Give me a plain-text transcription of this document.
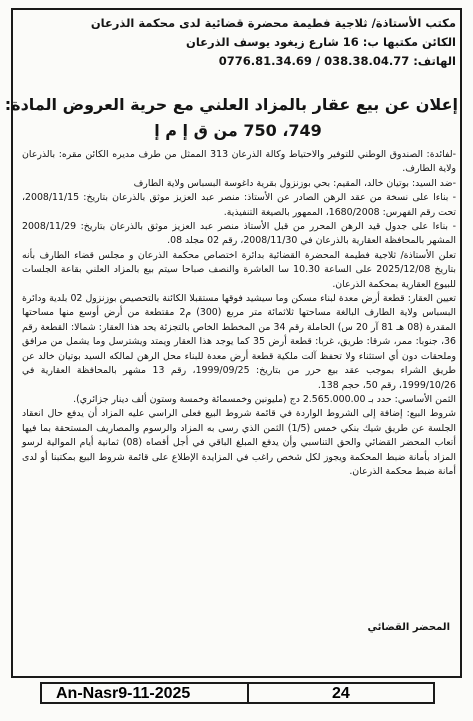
مكتب الأستاذة/ ثلاجية فطيمة محضرة قضائية لدى محكمة الذرعان
الكائن مكتبها ب: 16 شارع زيغود يوسف الذرعان
الهاتف: 038.38.04.77 / 0776.81.34.69
إعلان عن بيع عقار بالمزاد العلني مع حرية العروض المادة:
749، 750 من ق إ م إ

-لفائدة: الصندوق الوطني للتوفير والاحتياط وكالة الذرعان 313 الممثل من طرف مديره الكائن مقره: بالذرعان ولاية الطارف.

-ضد السيد: بوتيان خالد، المقيم: بحي بوزنزول بقرية داغوسة البسباس ولاية الطارف

- بناءا على نسخة من عقد الرهن الصادر عن الأستاذ: منصر عبد العزيز موثق بالذرعان بتاريخ: 2008/11/15، تحت رقم الفهرس: 1680/2008، الممهور بالصيغة التنفيذية.

- بناءا على جدول قيد الرهن المحرر من قبل الأستاذ منصر عبد العزيز موثق بالذرعان بتاريخ: 2008/11/29 المشهر بالمحافظة العقارية بالذرعان في 2008/11/30، رقم 02 مجلد 08.

تعلن الأستاذة/ ثلاجية فطيمة المحضرة القضائية بدائرة اختصاص محكمة الذرعان و مجلس قضاء الطارف بأنه بتاريخ 2025/12/08 على الساعة 10.30 سا العاشرة والنصف صباحا سيتم بيع بالمزاد العلني بقاعة الجلسات للبيوع العقارية بمحكمة الذرعان.

تعيين العقار: قطعة أرض معدة لبناء مسكن وما سيشيد فوقها مستقبلا الكائنة بالتحصيص بوزنزول 02 بلدية ودائرة البسباس ولاية الطارف البالغة مساحتها ثلاثمائة متر مربع (300) م2 مقتطعة من أرض أوسع منها مساحتها المقدرة (08 هـ 81 آر 20 س) الحاملة رقم 34 من المخطط الخاص بالتجزئة يحد هذا العقار: شمالا: القطعة رقم 36، جنوبا: ممر، شرقا: طريق، غربا: قطعة أرض 35 كما يوجد هذا العقار ويمتد ويشترسل وما يشمل من مرافق وملحقات دون أي استثناء ولا تحفظ آلت ملكية قطعة أرض معدة للبناء محل الرهن لمالكه السيد بوتيان خالد عن طريق الشراء بموجب عقد بيع حرر من بتاريخ: 1999/09/25، رقم 13 مشهر بالمحافظة العقارية في 1999/10/26، رقم 50، حجم 138.

الثمن الأساسي: حدد بـ 2.565.000.00 دج (مليونين وخمسمائة وخمسة وستون ألف دينار جزائري).

شروط البيع: إضافة إلى الشروط الواردة في قائمة شروط البيع فعلى الراسي عليه المزاد أن يدفع حال انعقاد الجلسة عن طريق شيك بنكي خمس (1/5) الثمن الذي رسى به المزاد والرسوم والمصاريف المستحقة بما فيها أتعاب المحضر القضائي والحق التناسبي وأن يدفع المبلغ الباقي في أجل أقصاه (08) ثمانية أيام الموالية لرسو المزاد بأمانة ضبط المحكمة ويجوز لكل شخص راغب في المزايدة الإطلاع على قائمة شروط البيع بمكتبنا أو لدى أمانة ضبط محكمة الذرعان.

المحضر القضائي
An-Nasr9-11-2025	24
